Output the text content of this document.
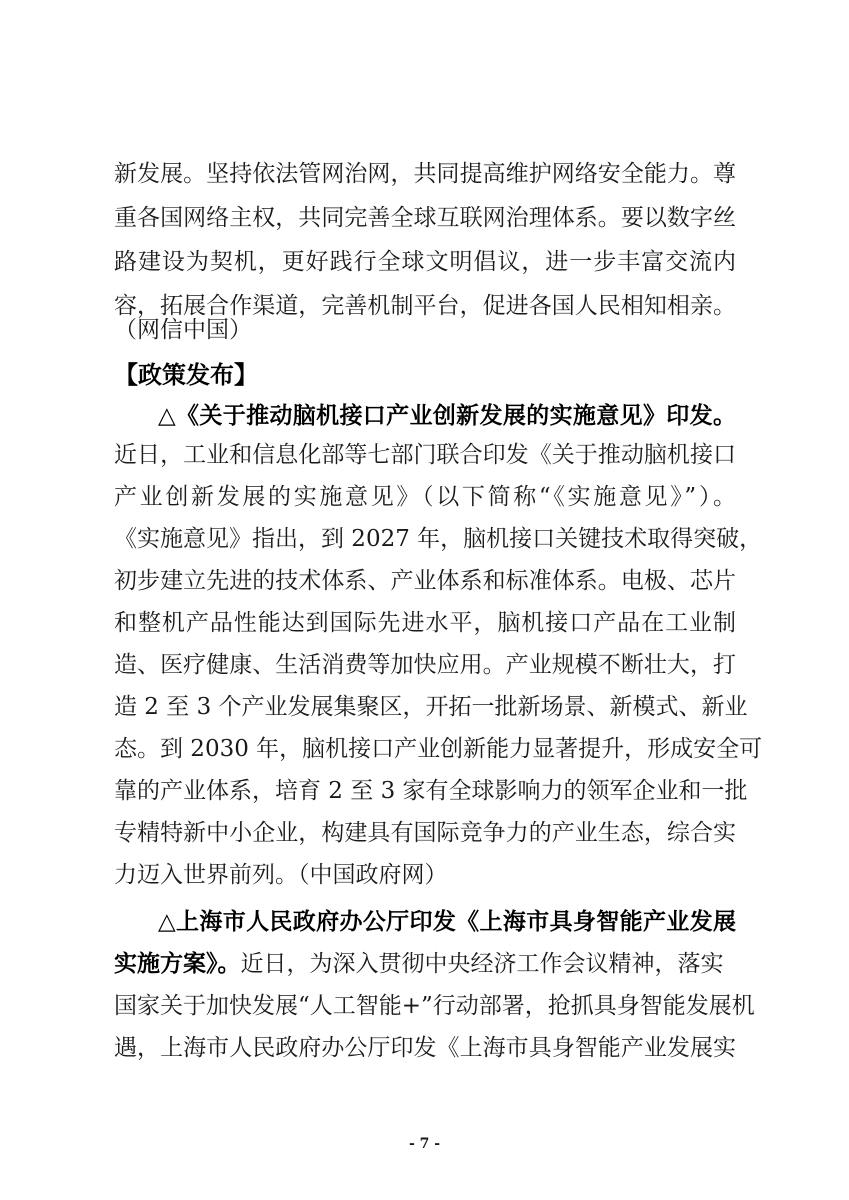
新发展。坚持依法管网治网，共同提高维护网络安全能力。尊
重各国网络主权，共同完善全球互联网治理体系。要以数字丝
路建设为契机，更好践行全球文明倡议，进一步丰富交流内
容，拓展合作渠道，完善机制平台，促进各国人民相知相亲。
（网信中国）
【政策发布】
△《关于推动脑机接口产业创新发展的实施意见》印发。
近日，工业和信息化部等七部门联合印发《关于推动脑机接口
产业创新发展的实施意见》（以下简称“《实施意见》”）。
《实施意见》指出，到 2027 年，脑机接口关键技术取得突破，
初步建立先进的技术体系、产业体系和标准体系。电极、芯片
和整机产品性能达到国际先进水平，脑机接口产品在工业制
造、医疗健康、生活消费等加快应用。产业规模不断壮大，打
造 2 至 3 个产业发展集聚区，开拓一批新场景、新模式、新业
态。到 2030 年，脑机接口产业创新能力显著提升，形成安全可
靠的产业体系，培育 2 至 3 家有全球影响力的领军企业和一批
专精特新中小企业，构建具有国际竞争力的产业生态，综合实
力迈入世界前列。（中国政府网）
△上海市人民政府办公厅印发《上海市具身智能产业发展
实施方案》。近日，为深入贯彻中央经济工作会议精神，落实
国家关于加快发展“人工智能+”行动部署，抢抓具身智能发展机
遇，上海市人民政府办公厅印发《上海市具身智能产业发展实
- 7 -
